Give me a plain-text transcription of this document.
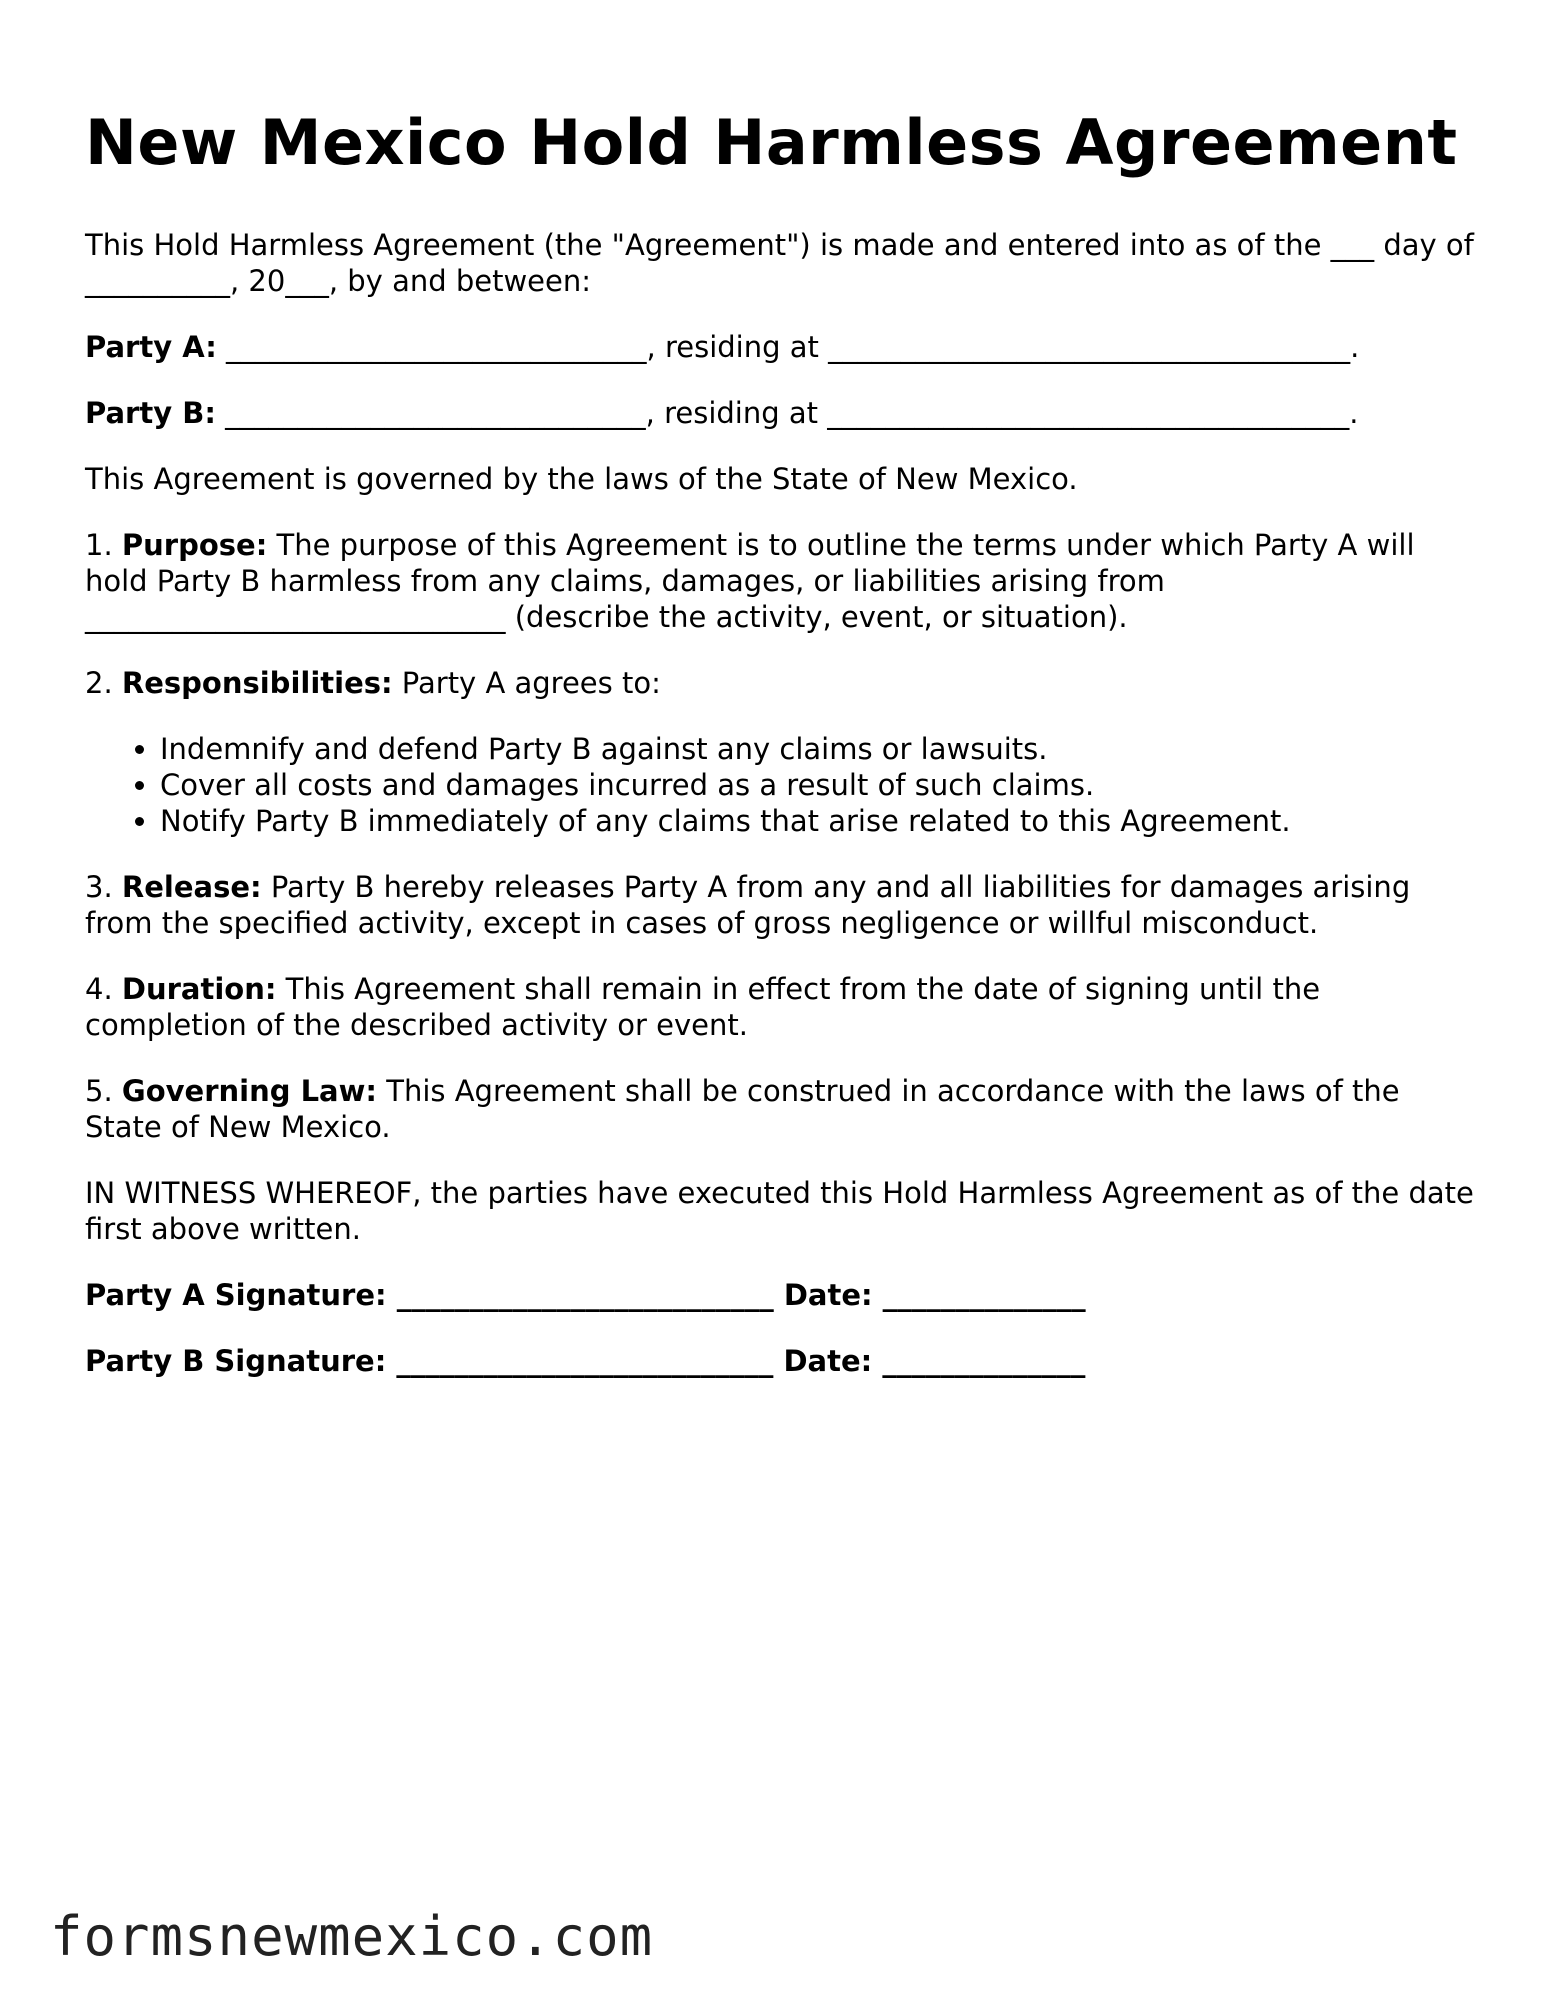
New Mexico Hold Harmless Agreement

This Hold Harmless Agreement (the "Agreement") is made and entered into as of the ___ day of __________, 20___, by and between:

Party A: _____________________________, residing at ____________________________________.

Party B: _____________________________, residing at ____________________________________.

This Agreement is governed by the laws of the State of New Mexico.

1. Purpose: The purpose of this Agreement is to outline the terms under which Party A will hold Party B harmless from any claims, damages, or liabilities arising from _____________________________ (describe the activity, event, or situation).

2. Responsibilities: Party A agrees to:

• Indemnify and defend Party B against any claims or lawsuits.
• Cover all costs and damages incurred as a result of such claims.
• Notify Party B immediately of any claims that arise related to this Agreement.

3. Release: Party B hereby releases Party A from any and all liabilities for damages arising from the specified activity, except in cases of gross negligence or willful misconduct.

4. Duration: This Agreement shall remain in effect from the date of signing until the completion of the described activity or event.

5. Governing Law: This Agreement shall be construed in accordance with the laws of the State of New Mexico.

IN WITNESS WHEREOF, the parties have executed this Hold Harmless Agreement as of the date first above written.

Party A Signature: __________________________ Date: ______________

Party B Signature: __________________________ Date: ______________

formsnewmexico.com
